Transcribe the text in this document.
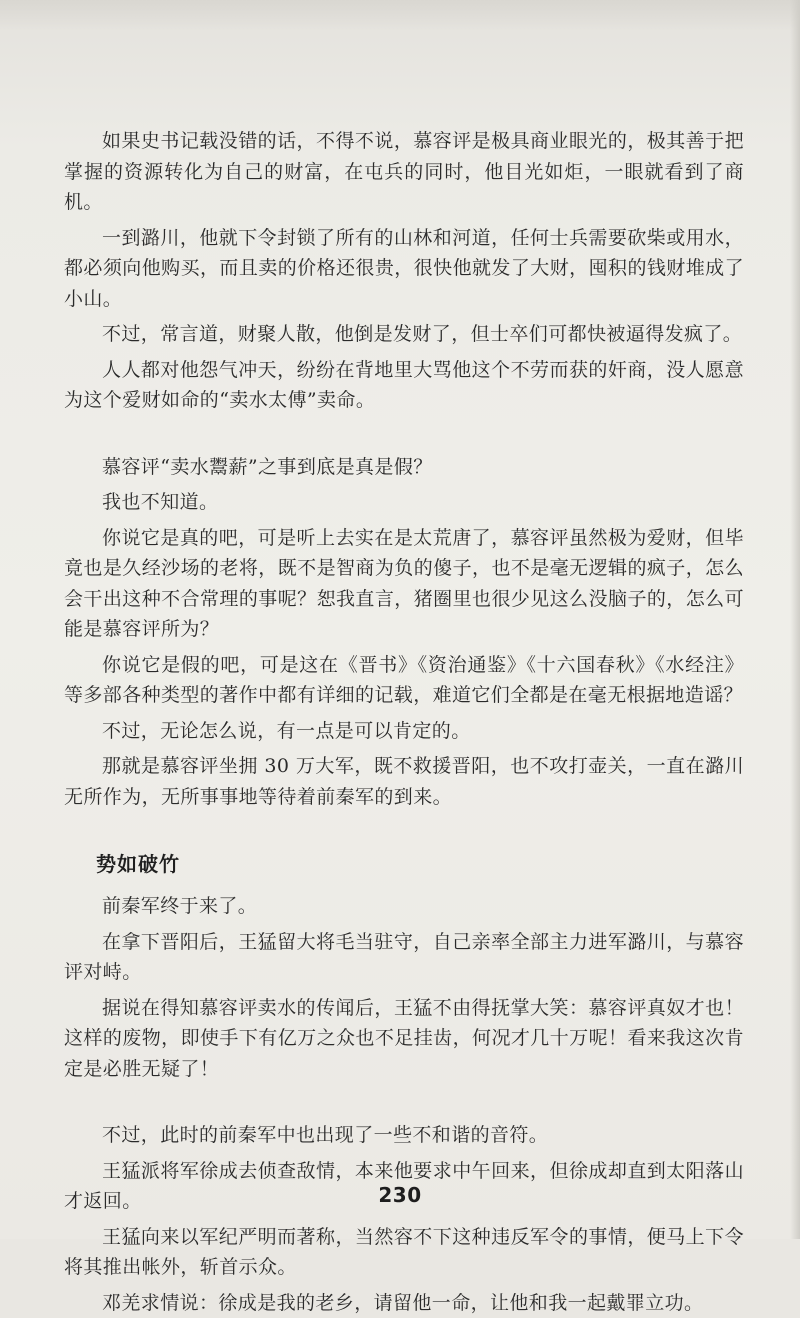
如果史书记载没错的话，不得不说，慕容评是极具商业眼光的，极其善于把掌握的资源转化为自己的财富，在屯兵的同时，他目光如炬，一眼就看到了商机。

一到潞川，他就下令封锁了所有的山林和河道，任何士兵需要砍柴或用水，都必须向他购买，而且卖的价格还很贵，很快他就发了大财，囤积的钱财堆成了小山。

不过，常言道，财聚人散，他倒是发财了，但士卒们可都快被逼得发疯了。

人人都对他怨气冲天，纷纷在背地里大骂他这个不劳而获的奸商，没人愿意为这个爱财如命的“卖水太傅”卖命。

慕容评“卖水鬻薪”之事到底是真是假？

我也不知道。

你说它是真的吧，可是听上去实在是太荒唐了，慕容评虽然极为爱财，但毕竟也是久经沙场的老将，既不是智商为负的傻子，也不是毫无逻辑的疯子，怎么会干出这种不合常理的事呢？恕我直言，猪圈里也很少见这么没脑子的，怎么可能是慕容评所为？

你说它是假的吧，可是这在《晋书》《资治通鉴》《十六国春秋》《水经注》等多部各种类型的著作中都有详细的记载，难道它们全都是在毫无根据地造谣？

不过，无论怎么说，有一点是可以肯定的。

那就是慕容评坐拥 30 万大军，既不救援晋阳，也不攻打壶关，一直在潞川无所作为，无所事事地等待着前秦军的到来。

势如破竹

前秦军终于来了。

在拿下晋阳后，王猛留大将毛当驻守，自己亲率全部主力进军潞川，与慕容评对峙。

据说在得知慕容评卖水的传闻后，王猛不由得抚掌大笑：慕容评真奴才也！这样的废物，即使手下有亿万之众也不足挂齿，何况才几十万呢！看来我这次肯定是必胜无疑了！

不过，此时的前秦军中也出现了一些不和谐的音符。

王猛派将军徐成去侦查敌情，本来他要求中午回来，但徐成却直到太阳落山才返回。

王猛向来以军纪严明而著称，当然容不下这种违反军令的事情，便马上下令将其推出帐外，斩首示众。

邓羌求情说：徐成是我的老乡，请留他一命，让他和我一起戴罪立功。

230
